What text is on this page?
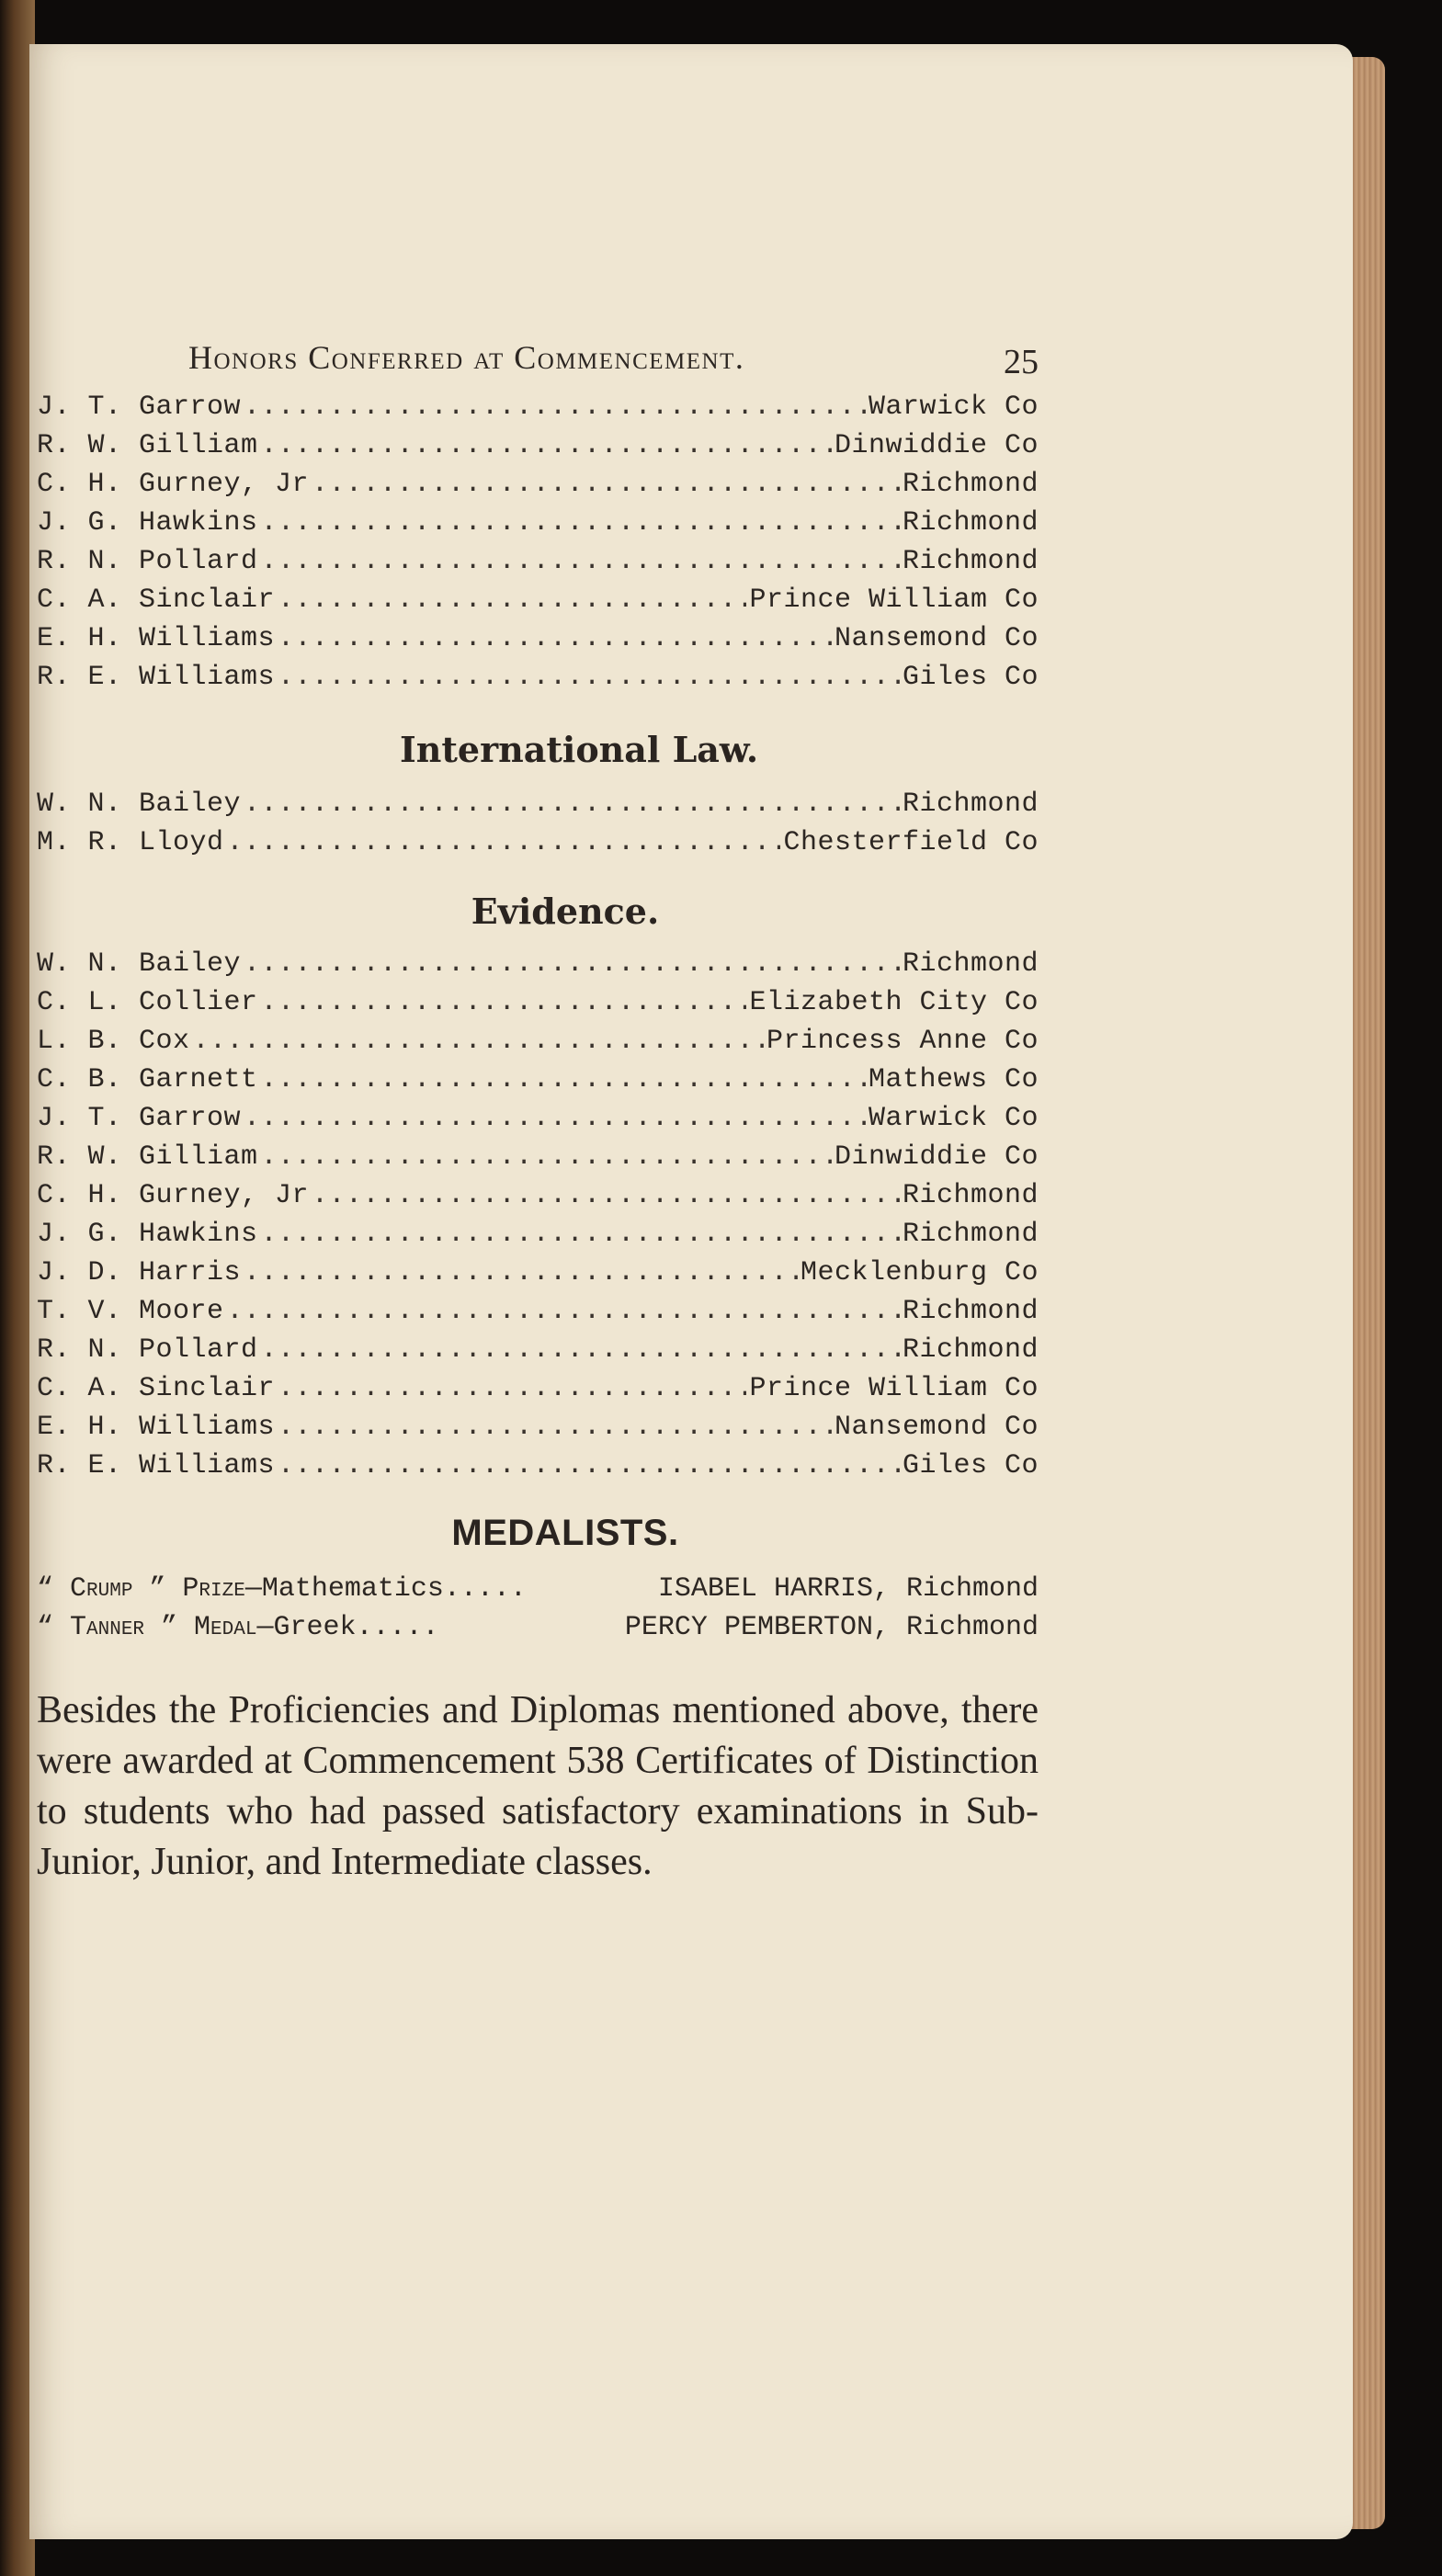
Honors Conferred at Commencement.	25
J. T. Garrow .....	Warwick Co
R. W. Gilliam .....	Dinwiddie Co
C. H. Gurney, Jr .....	Richmond
J. G. Hawkins .....	Richmond
R. N. Pollard .....	Richmond
C. A. Sinclair .....	Prince William Co
E. H. Williams .....	Nansemond Co
R. E. Williams .....	Giles Co
International Law.
W. N. Bailey .....	Richmond
M. R. Lloyd .....	Chesterfield Co
Evidence.
W. N. Bailey .....	Richmond
C. L. Collier .....	Elizabeth City Co
L. B. Cox .....	Princess Anne Co
C. B. Garnett .....	Mathews Co
J. T. Garrow .....	Warwick Co
R. W. Gilliam .....	Dinwiddie Co
C. H. Gurney, Jr .....	Richmond
J. G. Hawkins .....	Richmond
J. D. Harris .....	Mecklenburg Co
T. V. Moore .....	Richmond
R. N. Pollard .....	Richmond
C. A. Sinclair .....	Prince William Co
E. H. Williams .....	Nansemond Co
R. E. Williams .....	Giles Co
MEDALISTS.
“ Crump ” Prize—Mathematics.....	ISABEL HARRIS, Richmond
“ Tanner ” Medal—Greek.....	PERCY PEMBERTON, Richmond

Besides the Proficiencies and Diplomas mentioned above, there were awarded at Commencement 538 Certificates of Distinction to students who had passed satisfactory examinations in Sub-Junior, Junior, and Intermediate classes.
